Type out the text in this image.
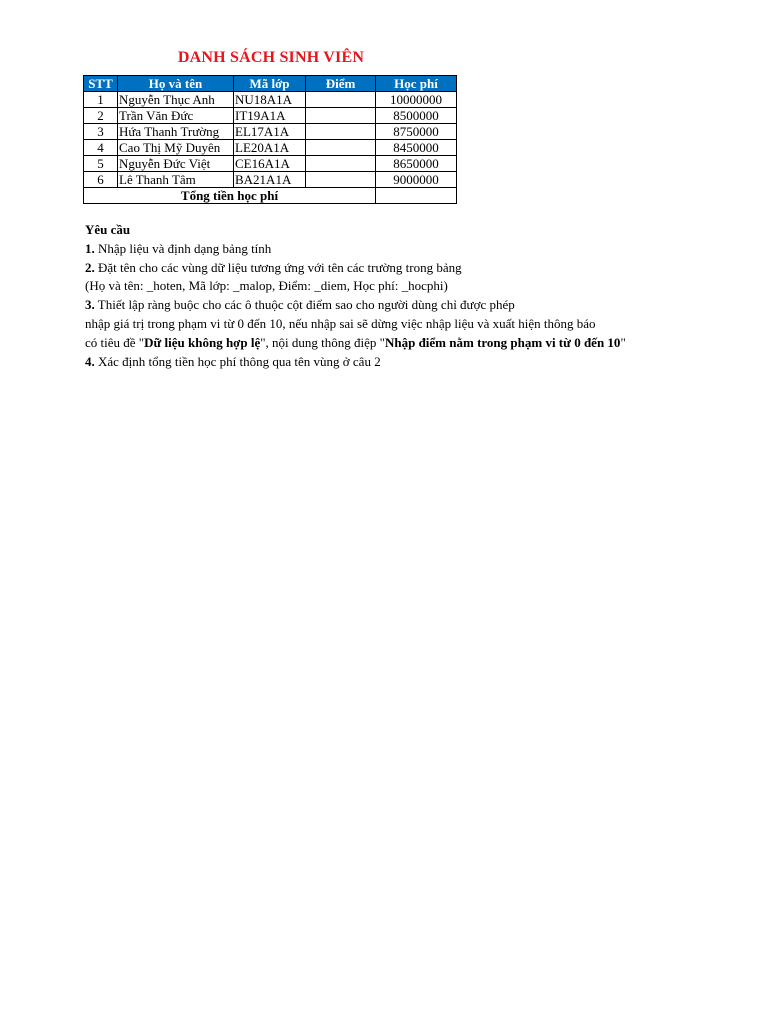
DANH SÁCH SINH VIÊN
STT	Họ và tên	Mã lớp	Điểm	Học phí
1	Nguyễn Thục Anh	NU18A1A		10000000
2	Trần Văn Đức	IT19A1A		8500000
3	Hứa Thanh Trường	EL17A1A		8750000
4	Cao Thị Mỹ Duyên	LE20A1A		8450000
5	Nguyễn Đức Việt	CE16A1A		8650000
6	Lê Thanh Tâm	BA21A1A		9000000
Tổng tiền học phí				
Yêu cầu
1. Nhập liệu và định dạng bảng tính
2. Đặt tên cho các vùng dữ liệu tương ứng với tên các trường trong bảng
(Họ và tên: _hoten, Mã lớp: _malop, Điểm: _diem, Học phí: _hocphi)
3. Thiết lập ràng buộc cho các ô thuộc cột điểm sao cho người dùng chỉ được phép
nhập giá trị trong phạm vi từ 0 đến 10, nếu nhập sai sẽ dừng việc nhập liệu và xuất hiện thông báo
có tiêu đề "Dữ liệu không hợp lệ", nội dung thông điệp "Nhập điểm nằm trong phạm vi từ 0 đến 10"
4. Xác định tổng tiền học phí thông qua tên vùng ở câu 2
